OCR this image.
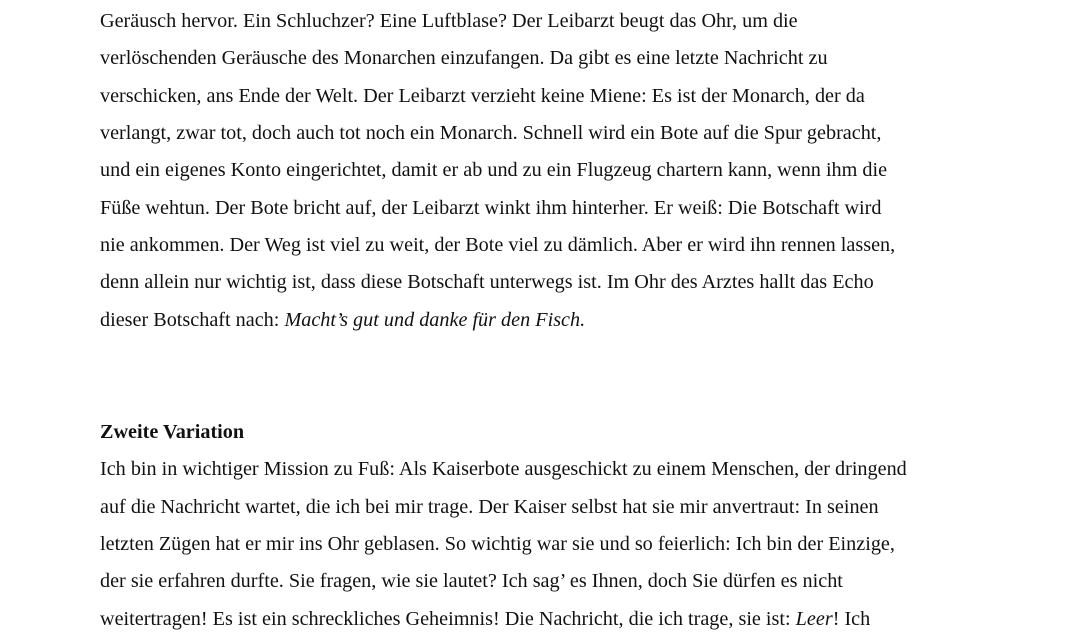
Geräusch hervor. Ein Schluchzer? Eine Luftblase? Der Leibarzt beugt das Ohr, um die
verlöschenden Geräusche des Monarchen einzufangen. Da gibt es eine letzte Nachricht zu
verschicken, ans Ende der Welt. Der Leibarzt verzieht keine Miene: Es ist der Monarch, der da
verlangt, zwar tot, doch auch tot noch ein Monarch. Schnell wird ein Bote auf die Spur gebracht,
und ein eigenes Konto eingerichtet, damit er ab und zu ein Flugzeug chartern kann, wenn ihm die
Füße wehtun. Der Bote bricht auf, der Leibarzt winkt ihm hinterher. Er weiß: Die Botschaft wird
nie ankommen. Der Weg ist viel zu weit, der Bote viel zu dämlich. Aber er wird ihn rennen lassen,
denn allein nur wichtig ist, dass diese Botschaft unterwegs ist. Im Ohr des Arztes hallt das Echo
dieser Botschaft nach: Macht’s gut und danke für den Fisch.
Zweite Variation
Ich bin in wichtiger Mission zu Fuß: Als Kaiserbote ausgeschickt zu einem Menschen, der dringend
auf die Nachricht wartet, die ich bei mir trage. Der Kaiser selbst hat sie mir anvertraut: In seinen
letzten Zügen hat er mir ins Ohr geblasen. So wichtig war sie und so feierlich: Ich bin der Einzige,
der sie erfahren durfte. Sie fragen, wie sie lautet? Ich sag’ es Ihnen, doch Sie dürfen es nicht
weitertragen! Es ist ein schreckliches Geheimnis! Die Nachricht, die ich trage, sie ist: Leer! Ich
